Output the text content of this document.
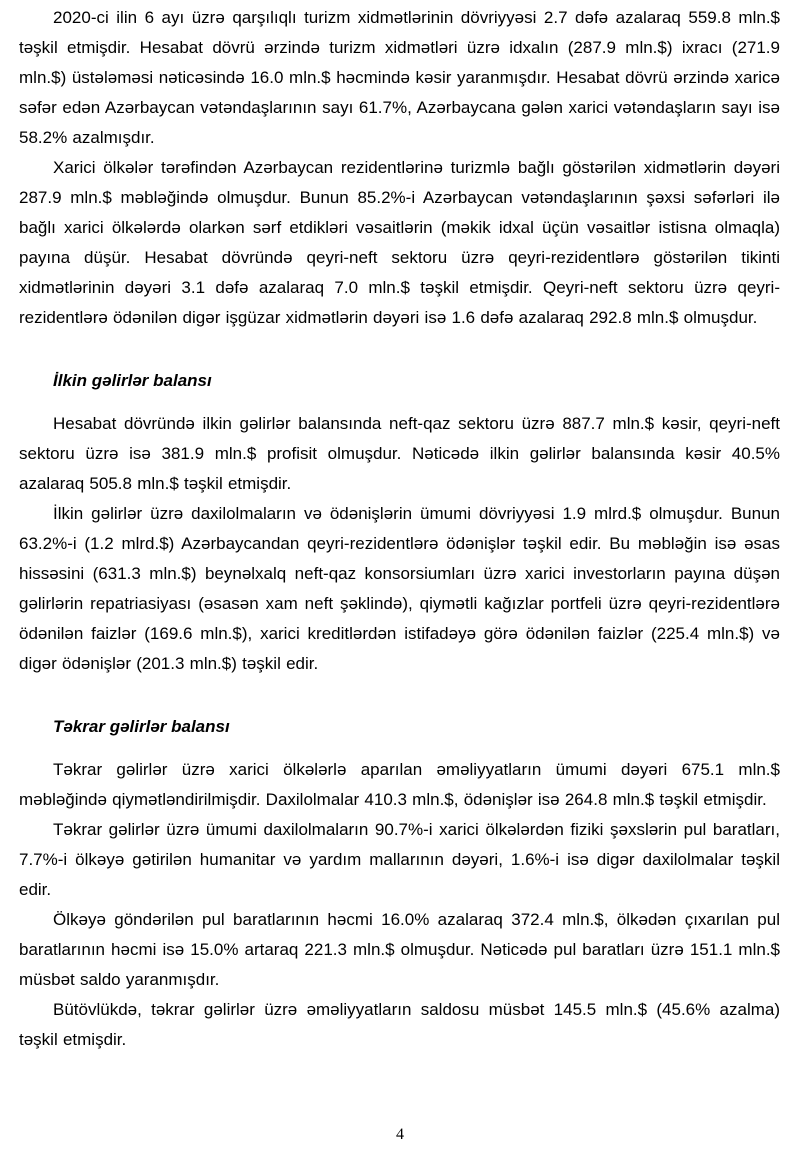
2020-ci ilin 6 ayı üzrə qarşılıqlı turizm xidmətlərinin dövriyyəsi 2.7 dəfə azalaraq 559.8 mln.$ təşkil etmişdir. Hesabat dövrü ərzində turizm xidmətləri üzrə idxalın (287.9 mln.$) ixracı (271.9 mln.$) üstələməsi nəticəsində 16.0 mln.$ həcmində kəsir yaranmışdır. Hesabat dövrü ərzində xaricə səfər edən Azərbaycan vətəndaşlarının sayı 61.7%, Azərbaycana gələn xarici vətəndaşların sayı isə 58.2% azalmışdır.

Xarici ölkələr tərəfindən Azərbaycan rezidentlərinə turizmlə bağlı göstərilən xidmətlərin dəyəri 287.9 mln.$ məbləğində olmuşdur. Bunun 85.2%-i Azərbaycan vətəndaşlarının şəxsi səfərləri ilə bağlı xarici ölkələrdə olarkən sərf etdikləri vəsaitlərin (məkik idxal üçün vəsaitlər istisna olmaqla) payına düşür. Hesabat dövründə qeyri-neft sektoru üzrə qeyri-rezidentlərə göstərilən tikinti xidmətlərinin dəyəri 3.1 dəfə azalaraq 7.0 mln.$ təşkil etmişdir. Qeyri-neft sektoru üzrə qeyri-rezidentlərə ödənilən digər işgüzar xidmətlərin dəyəri isə 1.6 dəfə azalaraq 292.8 mln.$ olmuşdur.

İlkin gəlirlər balansı

Hesabat dövründə ilkin gəlirlər balansında neft-qaz sektoru üzrə 887.7 mln.$ kəsir, qeyri-neft sektoru üzrə isə 381.9 mln.$ profisit olmuşdur. Nəticədə ilkin gəlirlər balansında kəsir 40.5% azalaraq 505.8 mln.$ təşkil etmişdir.

İlkin gəlirlər üzrə daxilolmaların və ödənişlərin ümumi dövriyyəsi 1.9 mlrd.$ olmuşdur. Bunun 63.2%-i (1.2 mlrd.$) Azərbaycandan qeyri-rezidentlərə ödənişlər təşkil edir. Bu məbləğin isə əsas hissəsini (631.3 mln.$) beynəlxalq neft-qaz konsorsiumları üzrə xarici investorların payına düşən gəlirlərin repatriasiyası (əsasən xam neft şəklində), qiymətli kağızlar portfeli üzrə qeyri-rezidentlərə ödənilən faizlər (169.6 mln.$), xarici kreditlərdən istifadəyə görə ödənilən faizlər (225.4 mln.$) və digər ödənişlər (201.3 mln.$) təşkil edir.

Təkrar gəlirlər balansı

Təkrar gəlirlər üzrə xarici ölkələrlə aparılan əməliyyatların ümumi dəyəri 675.1 mln.$ məbləğində qiymətləndirilmişdir. Daxilolmalar 410.3 mln.$, ödənişlər isə 264.8 mln.$ təşkil etmişdir.

Təkrar gəlirlər üzrə ümumi daxilolmaların 90.7%-i xarici ölkələrdən fiziki şəxslərin pul baratları, 7.7%-i ölkəyə gətirilən humanitar və yardım mallarının dəyəri, 1.6%-i isə digər daxilolmalar təşkil edir.

Ölkəyə göndərilən pul baratlarının həcmi 16.0% azalaraq 372.4 mln.$, ölkədən çıxarılan pul baratlarının həcmi isə 15.0% artaraq 221.3 mln.$ olmuşdur. Nəticədə pul baratları üzrə 151.1 mln.$ müsbət saldo yaranmışdır.

Bütövlükdə, təkrar gəlirlər üzrə əməliyyatların saldosu müsbət 145.5 mln.$ (45.6% azalma) təşkil etmişdir.

4
